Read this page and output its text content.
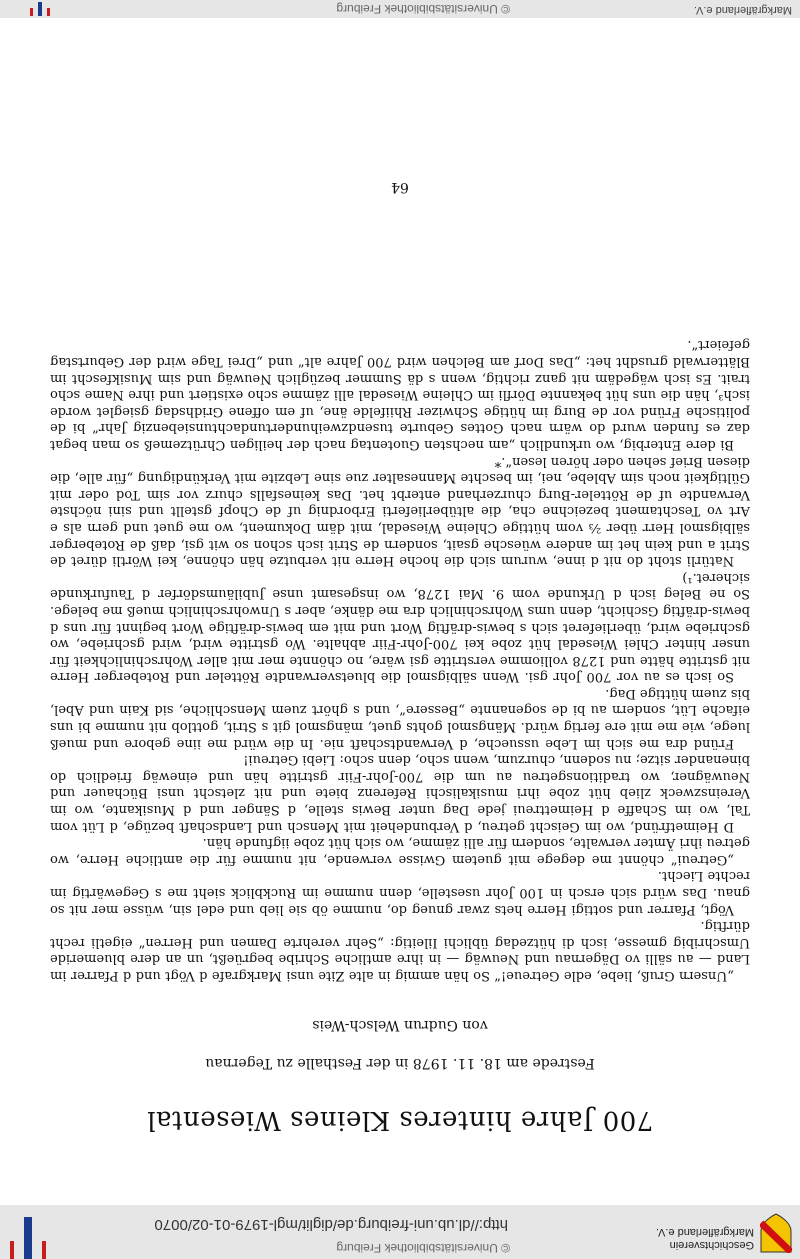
Geschichtsverein
Markgräflerland e.V.
© Universitätsbibliothek Freiburg
http://dl.ub.uni-freiburg.de/diglit/mgl-1979-01-02/0070
700 Jahre hinteres Kleines Wiesental
Festrede am 18. 11. 1978 in der Festhalle zu Tegernau
von Gudrun Welsch-Weis

„Unsern Gruß, liebe, edle Getreue!“ So hän ammig in alte Zite unsi Markgrafe d Vögt und d Pfarrer im Land — au sälli vo Dägernau und Neuwäg — in ihre amtliche Schribe begrüeßt, un an dere bluemeride Umschribig gmesse, isch di hützedag üblichi Iileitig: „Sehr verehrte Damen und Herren“ eigetli recht dürftig.

Vögt, Pfarrer und sottigi Herre hets zwar gnueg do, numme öb sie lieb und edel sin, wüsse mer nit so gnau. Das würd sich ersch in 100 Johr usestelle, denn numme im Ruckblick sieht me s Gegewärtig im rechte Liecht.

„Getreui“ chönnt me degege mit guetem Gwisse verwende, nit numme für die amtliche Herre, wo getreu ihri Ämter verwalte, sondern für alli zämme, wo sich hüt zobe iigfunde hän.

D Heimetfründ, wo im Geischt getreu, d Verbundeheit mit Mensch und Landschaft bezüge, d Lüt vom Tal, wo im Schaffe d Heimettreui jede Dag unter Bewis stelle, d Sänger und d Musikante, wo im Vereinszweck zlieb hüt zobe ihri musikalischi Referenz biete und nit zletscht unsi Büchauer und Neuwägner, wo traditionsgetreu au um die 700-Johr-Fiir gstritte hän und einewäg friedlich do binenander sitze; nu sodenn, churzum, wenn scho, denn scho: Liebi Getreui!

Fründ dra me sich im Lebe ussueche, d Verwandtschaft nie. In die würd me iine gebore und mueß luege, wie me mit ere fertig würd. Mängsmol gohts guet, mängsmol git s Strit, gottlob nit numme bi uns eifache Lüt, sondern au bi de sogenannte „Bessere“, und s ghört zuem Menschliche, sid Kain und Abel, bis zuem hüttige Dag.

So isch es au vor 700 Johr gsi. Wenn sälbigsmol die bluetsverwandte Rötteler und Roteberger Herre nit gstritte hätte und 1278 volliomme verstritte gsi wäre, no chönnte mer mit aller Wohrschinlichkeit für unser hinter Chlei Wiesedal hüt zobe kei 700-Johr-Fiir abhalte. Wo gstritte wird, wird gschriebe, wo gschriebe wird, überlieferet sich s bewis-dräftig Wort und mit em bewis-dräftige Wort beginnt für uns d bewis-dräftig Gschicht, denn ums Wohrschinlich dra me dänke, aber s Unwohrschinlich mueß me belege. So ne Beleg isch d Urkunde vom 9. Mai 1278, wo insgesamt unse Jubiläumsdörfer d Taufurkunde sicheret.¹)

Natürli stoht do nit d inne, wurum sich die hoche Herre nit verbutze hän chönne, kei Wörtli düret de Strit a und kein het im andere wüesche gsait, sondern de Strit isch schon so wit gsi, daß de Roteberger sälbigsmol Herr über ⅔ vom hüttige Chleine Wiesedal, mit däm Dokument, wo me guet und gern als e Art vo Teschtament bezeichne cha, die altüberlieferti Erbordnig uf de Chopf gstellt und sini nöchste Verwandte uf de Rötteler-Burg churzerhand enterbt het. Das keinesfalls churz vor sim Tod oder mit Gültigkeit noch sim Ablebe, nei, im beschte Mannesalter zue sine Lebzite mit Verkündigung „für alle, die diesen Brief sehen oder hören lesen“.*

Bi dere Enterbig, wo urkundlich „am nechsten Guotentag nach der heiligen Chrützemeß so man begat daz es funden wurd do wärn nach Gottes Geburte tusendzweihundertundachtunsiebenzig Jahr“ bi de politische Fründ vor de Burg im hütige Schwizer Rhiifelde äne, uf em offene Gridhsdag gsieglet worde isch³, hän die uns hüt bekannte Dörfli im Chleine Wiesedal alli zämme scho existiert und ihre Name scho trait. Es isch wägedäm nit ganz richtig, wenn s dä Summer bezüglich Neuwäg und sim Musikfescht im Blätterwald grusdht het: „Das Dorf am Belchen wird 700 Jahre alt“ und „Drei Tage wird der Geburtstag gefeiert“.

64
Markgräflerland e.V.
© Universitätsbibliothek Freiburg
